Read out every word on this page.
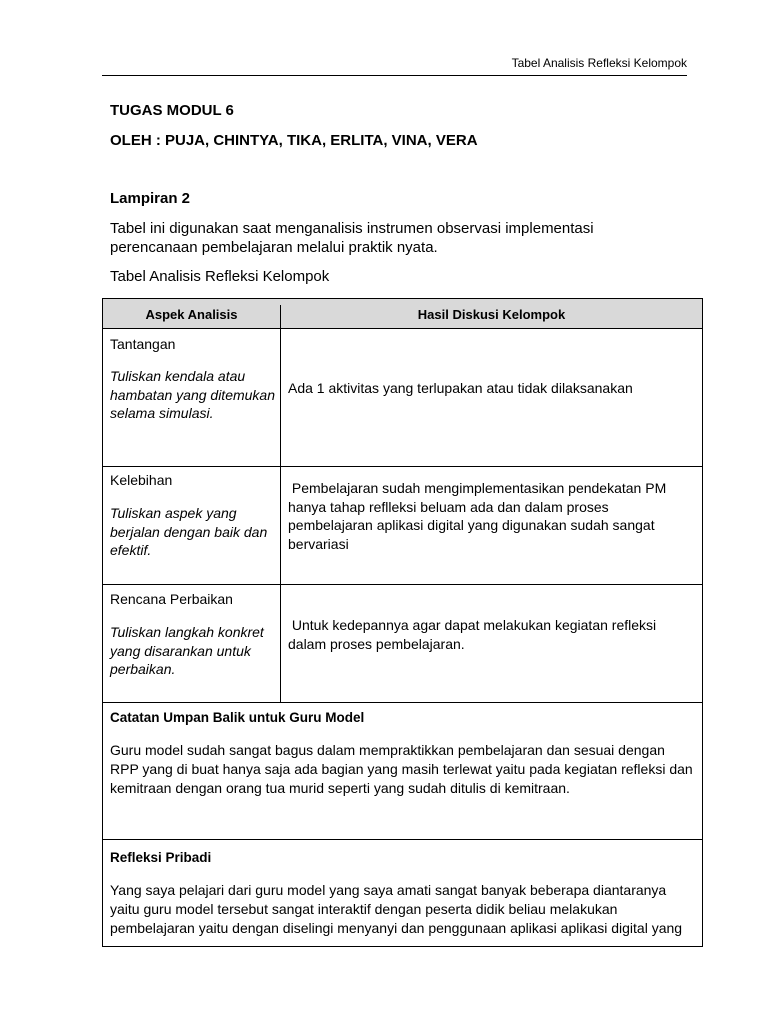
Tabel Analisis Refleksi Kelompok
TUGAS MODUL 6
OLEH : PUJA, CHINTYA, TIKA, ERLITA, VINA, VERA
Lampiran 2
Tabel ini digunakan saat menganalisis instrumen observasi implementasi perencanaan pembelajaran melalui praktik nyata.
Tabel Analisis Refleksi Kelompok
Aspek Analisis	Hasil Diskusi Kelompok
Tantangan
Tuliskan kendala atau hambatan yang ditemukan selama simulasi.
Ada 1 aktivitas yang terlupakan atau tidak dilaksanakan
Kelebihan
Tuliskan aspek yang berjalan dengan baik dan efektif.
Pembelajaran sudah mengimplementasikan pendekatan PM hanya tahap reflleksi beluam ada dan dalam proses pembelajaran aplikasi digital yang digunakan sudah sangat bervariasi
Rencana Perbaikan
Tuliskan langkah konkret yang disarankan untuk perbaikan.
Untuk kedepannya agar dapat melakukan kegiatan refleksi dalam proses pembelajaran.
Catatan Umpan Balik untuk Guru Model
Guru model sudah sangat bagus dalam mempraktikkan pembelajaran dan sesuai dengan RPP yang di buat hanya saja ada bagian yang masih terlewat yaitu pada kegiatan refleksi dan kemitraan dengan orang tua murid seperti yang sudah ditulis di kemitraan.
Refleksi Pribadi
Yang saya pelajari dari guru model yang saya amati sangat banyak beberapa diantaranya yaitu guru model tersebut sangat interaktif dengan peserta didik beliau melakukan pembelajaran yaitu dengan diselingi menyanyi dan penggunaan aplikasi aplikasi digital yang
